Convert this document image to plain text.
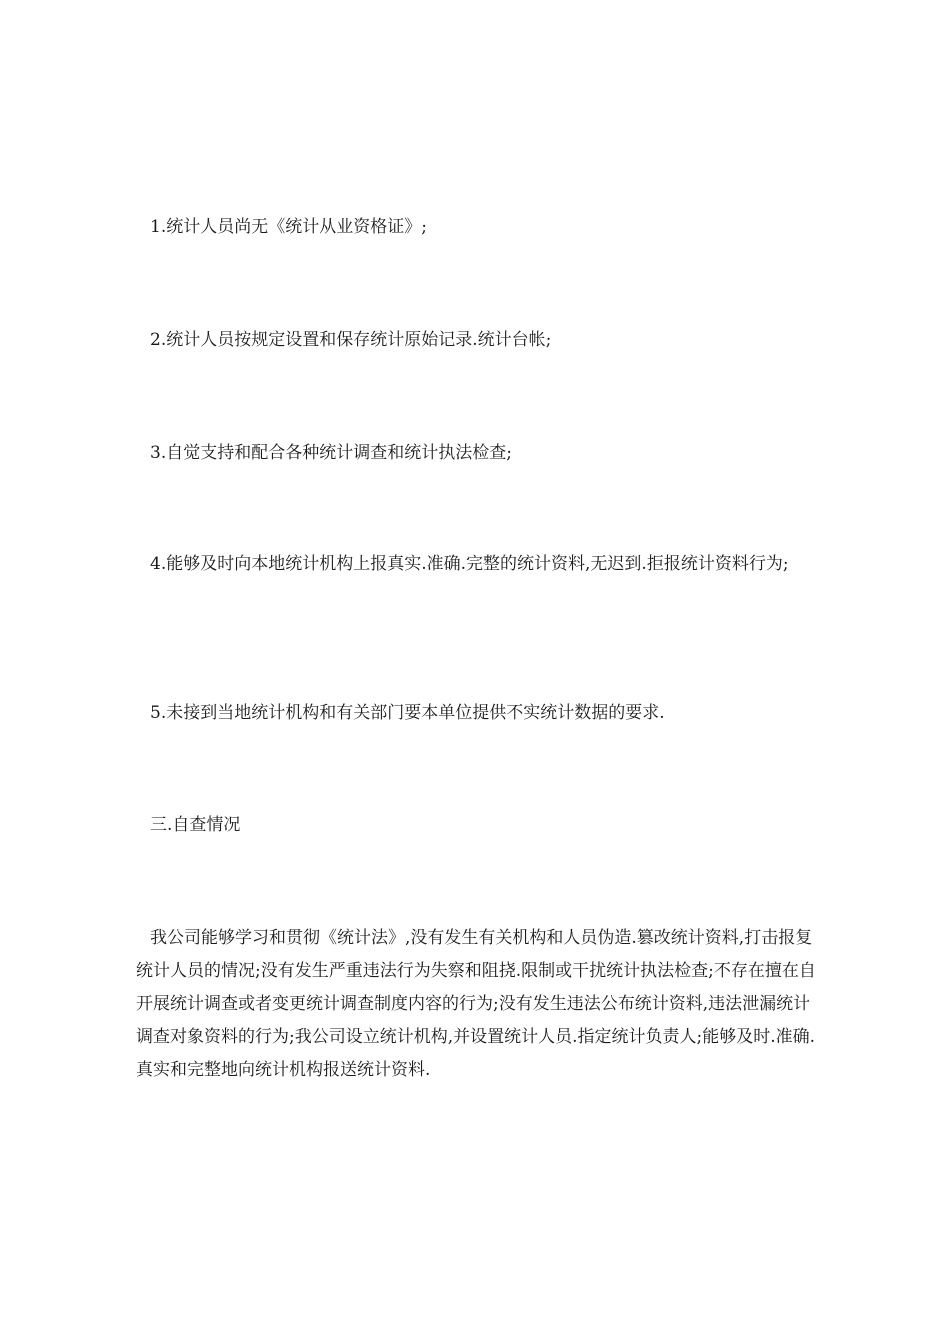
1.统计人员尚无《统计从业资格证》;

2.统计人员按规定设置和保存统计原始记录.统计台帐;

3.自觉支持和配合各种统计调查和统计执法检查;

4.能够及时向本地统计机构上报真实.准确.完整的统计资料,无迟到.拒报统计资料行为;

5.未接到当地统计机构和有关部门要本单位提供不实统计数据的要求.

三.自查情况

我公司能够学习和贯彻《统计法》,没有发生有关机构和人员伪造.篡改统计资料,打击报复统计人员的情况;没有发生严重违法行为失察和阻挠.限制或干扰统计执法检查;不存在擅在自开展统计调查或者变更统计调查制度内容的行为;没有发生违法公布统计资料,违法泄漏统计调查对象资料的行为;我公司设立统计机构,并设置统计人员.指定统计负责人;能够及时.准确.真实和完整地向统计机构报送统计资料.
